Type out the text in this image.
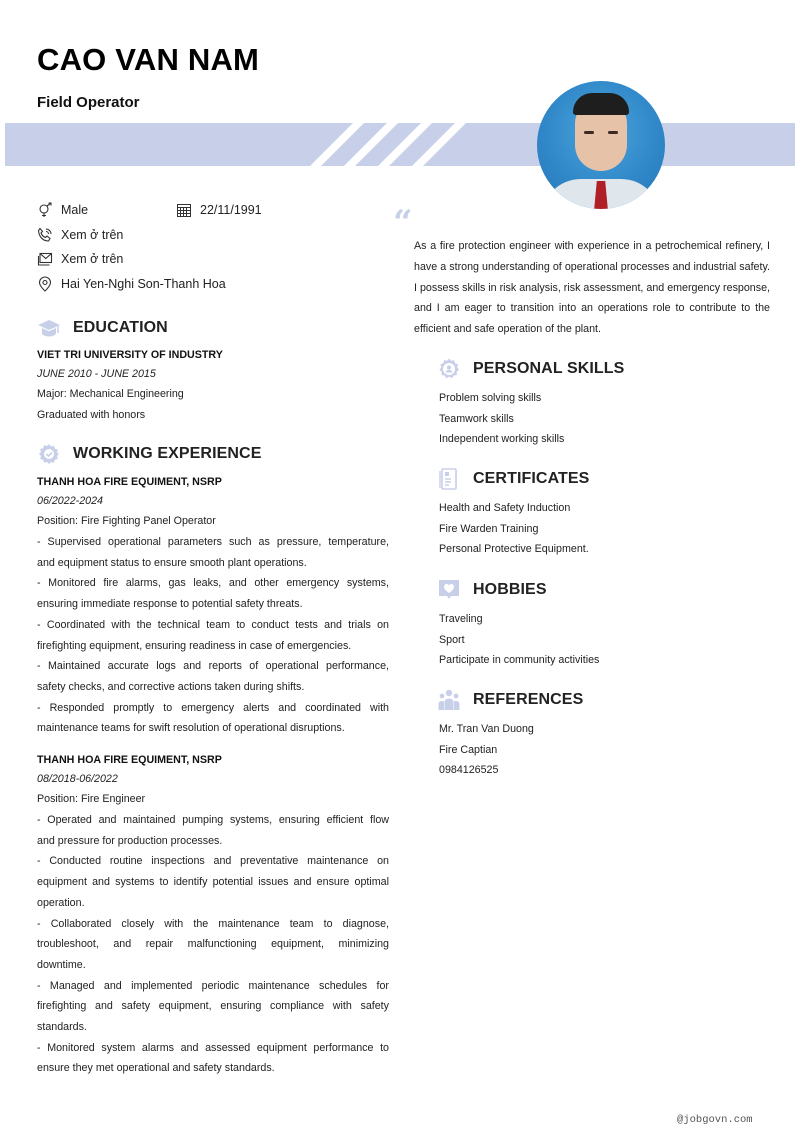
CAO VAN NAM
Field Operator
Male	22/11/1991
Xem ở trên
Xem ở trên
Hai Yen-Nghi Son-Thanh Hoa
“
As a fire protection engineer with experience in a petrochemical refinery, I have a strong understanding of operational processes and industrial safety. I possess skills in risk analysis, risk assessment, and emergency response, and I am eager to transition into an operations role to contribute to the efficient and safe operation of the plant.
EDUCATION
VIET TRI UNIVERSITY OF INDUSTRY
JUNE 2010 - JUNE 2015
Major: Mechanical Engineering
Graduated with honors
WORKING EXPERIENCE
THANH HOA FIRE EQUIMENT, NSRP
06/2022-2024
Position: Fire Fighting Panel Operator
- Supervised operational parameters such as pressure, temperature,
and equipment status to ensure smooth plant operations.
- Monitored fire alarms, gas leaks, and other emergency systems,
ensuring immediate response to potential safety threats.
- Coordinated with the technical team to conduct tests and trials on
firefighting equipment, ensuring readiness in case of emergencies.
- Maintained accurate logs and reports of operational performance,
safety checks, and corrective actions taken during shifts.
- Responded promptly to emergency alerts and coordinated with
maintenance teams for swift resolution of operational disruptions.
THANH HOA FIRE EQUIMENT, NSRP
08/2018-06/2022
Position: Fire Engineer
- Operated and maintained pumping systems, ensuring efficient flow
and pressure for production processes.
- Conducted routine inspections and preventative maintenance on
equipment and systems to identify potential issues and ensure optimal
operation.
- Collaborated closely with the maintenance team to diagnose,
troubleshoot, and repair malfunctioning equipment, minimizing
downtime.
- Managed and implemented periodic maintenance schedules for
firefighting and safety equipment, ensuring compliance with safety
standards.
- Monitored system alarms and assessed equipment performance to
ensure they met operational and safety standards.
PERSONAL SKILLS
Problem solving skills
Teamwork skills
Independent working skills
CERTIFICATES
Health and Safety Induction
Fire Warden Training
Personal Protective Equipment.
HOBBIES
Traveling
Sport
Participate in community activities
REFERENCES
Mr. Tran Van Duong
Fire Captian
0984126525
@jobgovn.com
